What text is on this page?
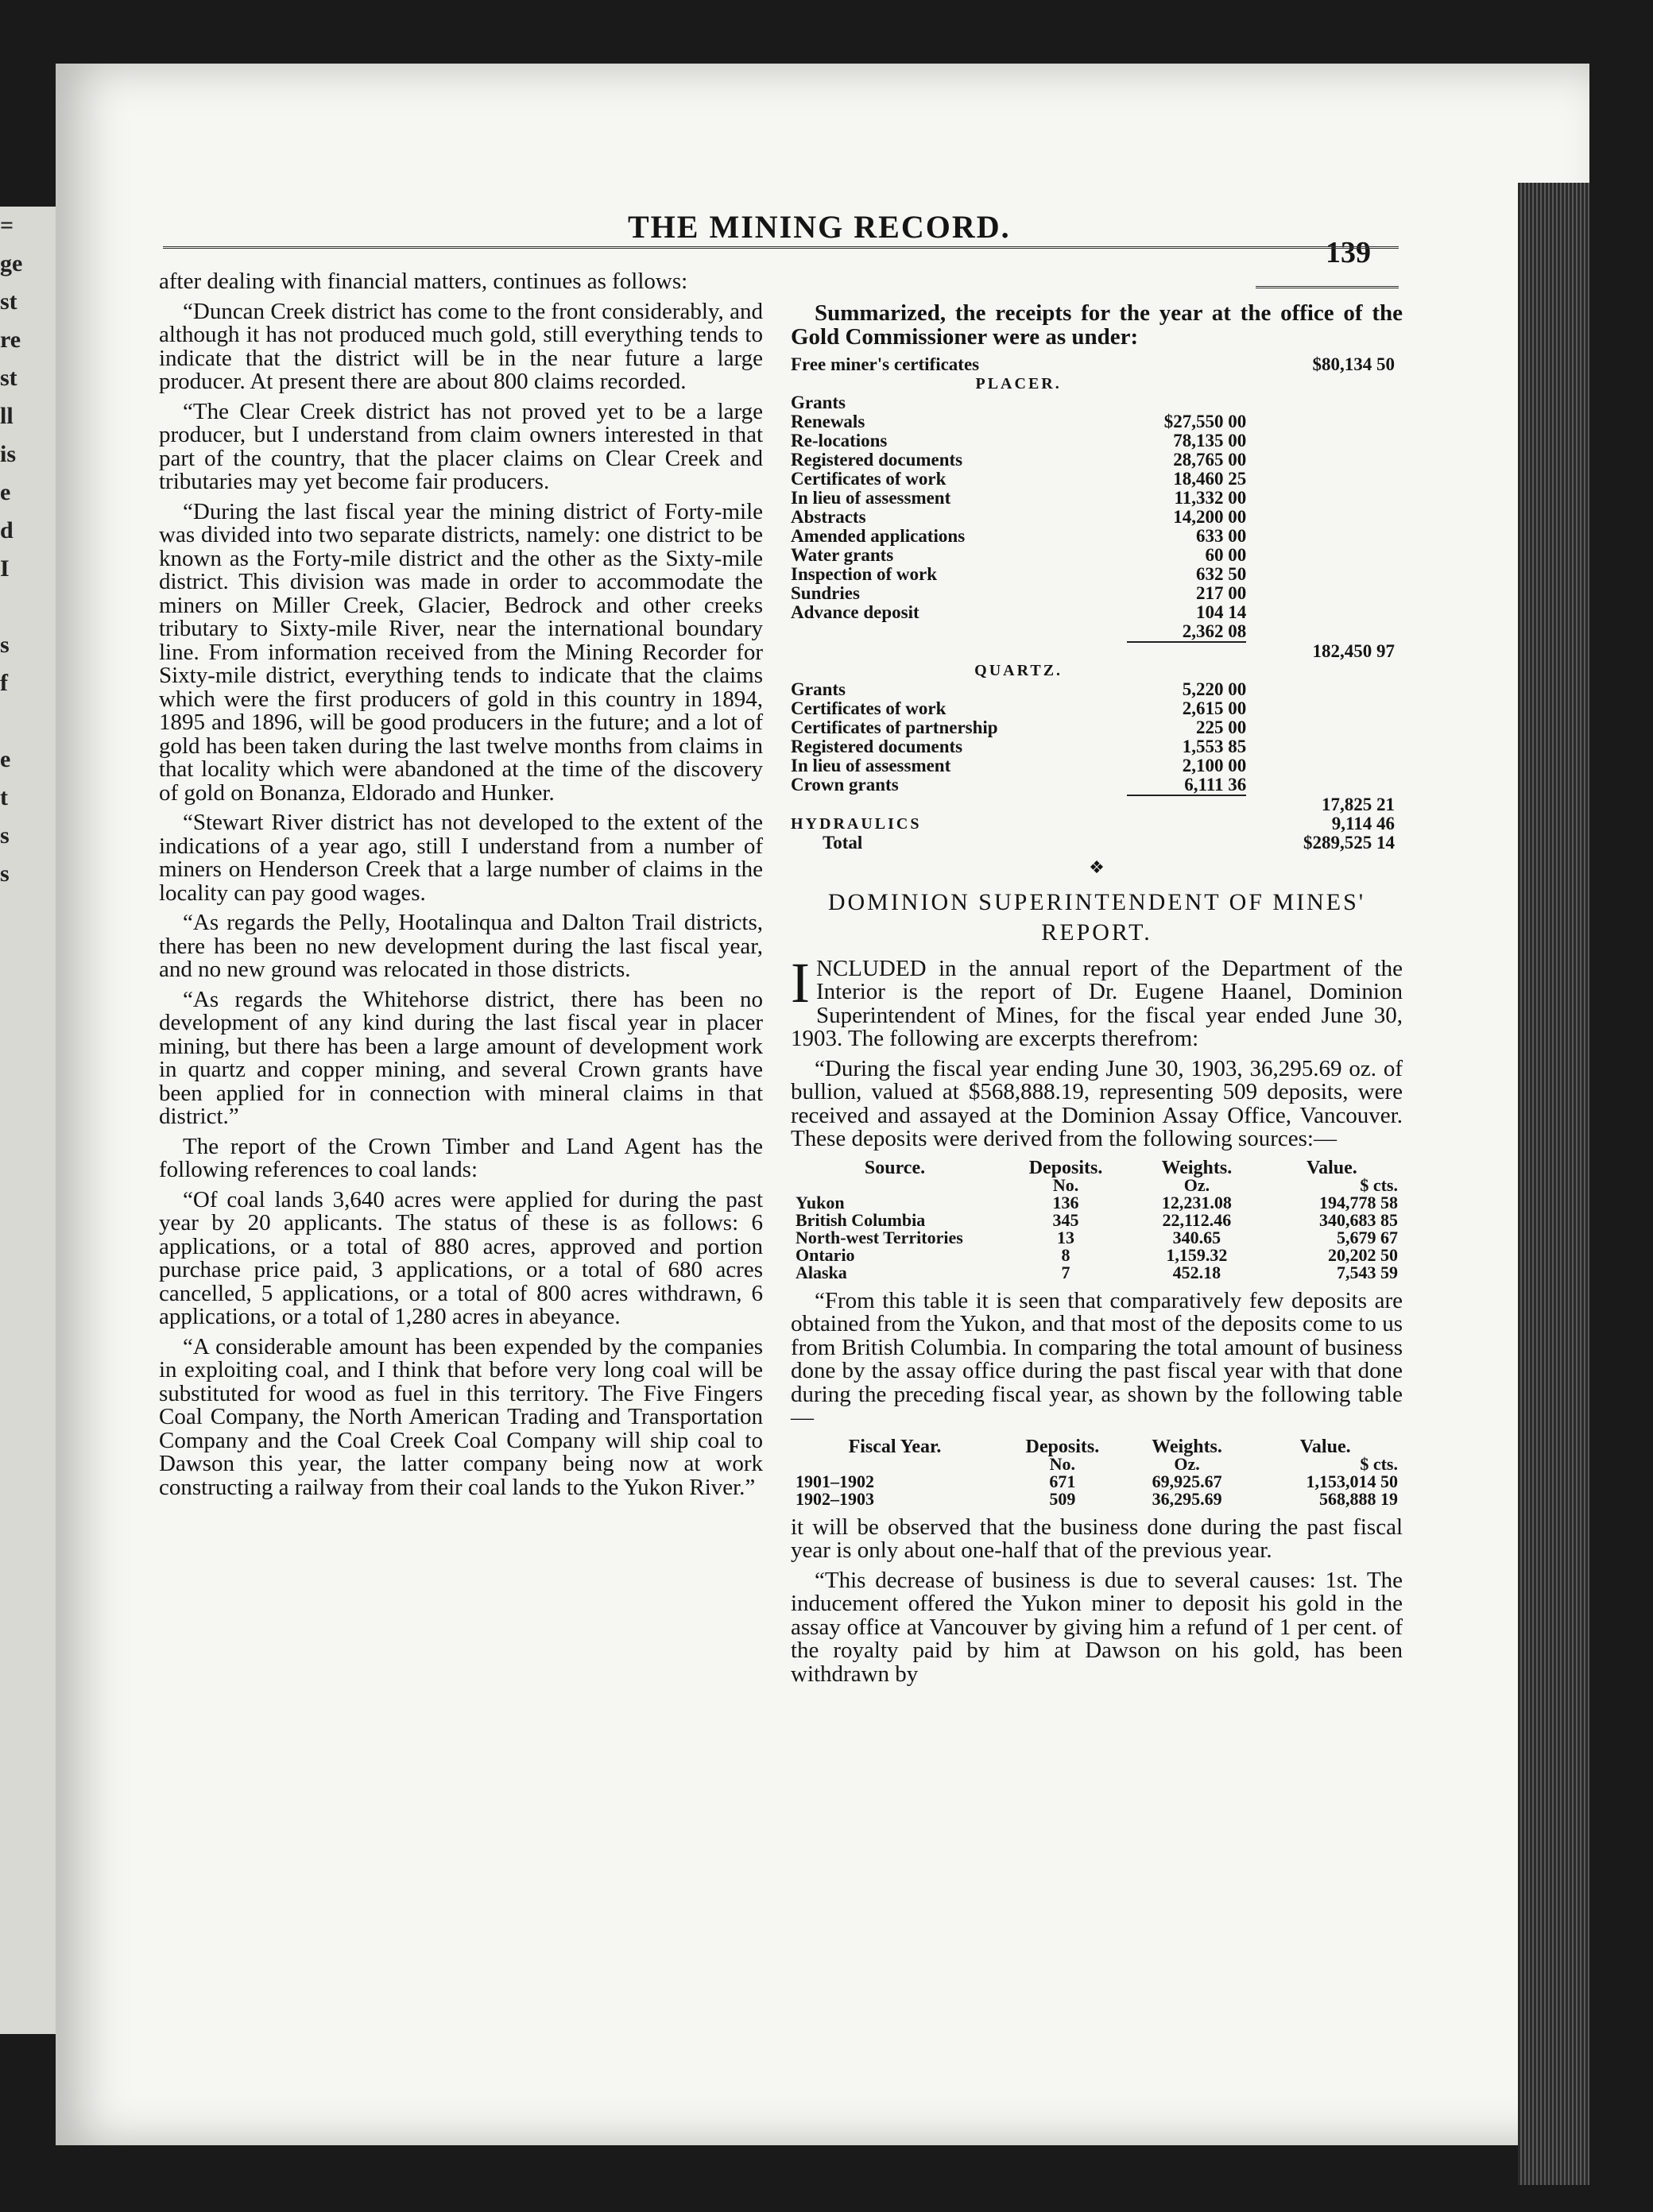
=
ge
st
re
st
ll
is
e
d
I
s
f
e
t
s
s
THE MINING RECORD.
139

after dealing with financial matters, continues as follows:

“Duncan Creek district has come to the front considerably, and although it has not produced much gold, still everything tends to indicate that the district will be in the near future a large producer. At present there are about 800 claims recorded.

“The Clear Creek district has not proved yet to be a large producer, but I understand from claim owners interested in that part of the country, that the placer claims on Clear Creek and tributaries may yet become fair producers.

“During the last fiscal year the mining district of Forty-mile was divided into two separate districts, namely: one district to be known as the Forty-mile district and the other as the Sixty-mile district. This division was made in order to accommodate the miners on Miller Creek, Glacier, Bedrock and other creeks tributary to Sixty-mile River, near the international boundary line. From information received from the Mining Recorder for Sixty-mile district, everything tends to indicate that the claims which were the first producers of gold in this country in 1894, 1895 and 1896, will be good producers in the future; and a lot of gold has been taken during the last twelve months from claims in that locality which were abandoned at the time of the discovery of gold on Bonanza, Eldorado and Hunker.

“Stewart River district has not developed to the extent of the indications of a year ago, still I understand from a number of miners on Henderson Creek that a large number of claims in the locality can pay good wages.

“As regards the Pelly, Hootalinqua and Dalton Trail districts, there has been no new development during the last fiscal year, and no new ground was relocated in those districts.

“As regards the Whitehorse district, there has been no development of any kind during the last fiscal year in placer mining, but there has been a large amount of development work in quartz and copper mining, and several Crown grants have been applied for in connection with mineral claims in that district.”

The report of the Crown Timber and Land Agent has the following references to coal lands:

“Of coal lands 3,640 acres were applied for during the past year by 20 applicants. The status of these is as follows: 6 applications, or a total of 880 acres, approved and portion purchase price paid, 3 applications, or a total of 680 acres cancelled, 5 applications, or a total of 800 acres withdrawn, 6 applications, or a total of 1,280 acres in abeyance.

“A considerable amount has been expended by the companies in exploiting coal, and I think that before very long coal will be substituted for wood as fuel in this territory. The Five Fingers Coal Company, the North American Trading and Transportation Company and the Coal Creek Coal Company will ship coal to Dawson this year, the latter company being now at work constructing a railway from their coal lands to the Yukon River.”

Summarized, the receipts for the year at the office of the Gold Commissioner were as under:

Free miner's certificates		$80,134 50
PLACER.		
Grants		
Renewals	$27,550 00	
Re-locations	78,135 00	
Registered documents	28,765 00	
Certificates of work	18,460 25	
In lieu of assessment	11,332 00	
Abstracts	14,200 00	
Amended applications	633 00	
Water grants	60 00	
Inspection of work	632 50	
Sundries	217 00	
Advance deposit	104 14	
	2,362 08	
		182,450 97
QUARTZ.		
Grants	5,220 00	
Certificates of work	2,615 00	
Certificates of partnership	225 00	
Registered documents	1,553 85	
In lieu of assessment	2,100 00	
Crown grants	6,111 36	
		17,825 21
HYDRAULICS		9,114 46
Total		$289,525 14
❖
DOMINION SUPERINTENDENT OF MINES'
REPORT.

INCLUDED in the annual report of the Department of the Interior is the report of Dr. Eugene Haanel, Dominion Superintendent of Mines, for the fiscal year ended June 30, 1903. The following are excerpts therefrom:

“During the fiscal year ending June 30, 1903, 36,295.69 oz. of bullion, valued at $568,888.19, representing 509 deposits, were received and assayed at the Dominion Assay Office, Vancouver. These deposits were derived from the following sources:—

Source.	Deposits.	Weights.	Value.
	No.	Oz.	$ cts.
Yukon	136	12,231.08	194,778 58
British Columbia	345	22,112.46	340,683 85
North-west Territories	13	340.65	5,679 67
Ontario	8	1,159.32	20,202 50
Alaska	7	452.18	7,543 59

“From this table it is seen that comparatively few deposits are obtained from the Yukon, and that most of the deposits come to us from British Columbia. In comparing the total amount of business done by the assay office during the past fiscal year with that done during the preceding fiscal year, as shown by the following table—

Fiscal Year.	Deposits.	Weights.	Value.
	No.	Oz.	$ cts.
1901–1902	671	69,925.67	1,153,014 50
1902–1903	509	36,295.69	568,888 19

it will be observed that the business done during the past fiscal year is only about one-half that of the previous year.

“This decrease of business is due to several causes: 1st. The inducement offered the Yukon miner to deposit his gold in the assay office at Vancouver by giving him a refund of 1 per cent. of the royalty paid by him at Dawson on his gold, has been withdrawn by
